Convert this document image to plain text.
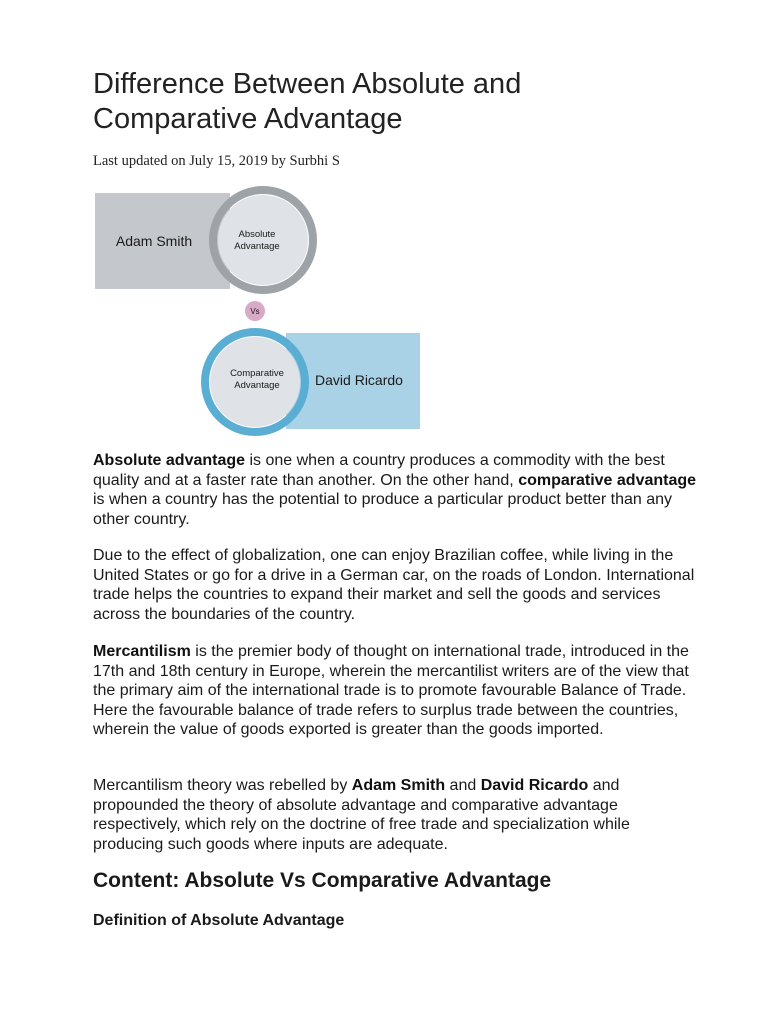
Difference Between Absolute and Comparative Advantage
Last updated on July 15, 2019 by Surbhi S
Adam Smith	Absolute
Advantage
Vs
Comparative
Advantage	David Ricardo

Absolute advantage is one when a country produces a commodity with the best quality and at a faster rate than another. On the other hand, comparative advantage is when a country has the potential to produce a particular product better than any other country.

Due to the effect of globalization, one can enjoy Brazilian coffee, while living in the United States or go for a drive in a German car, on the roads of London. International trade helps the countries to expand their market and sell the goods and services across the boundaries of the country.

Mercantilism is the premier body of thought on international trade, introduced in the 17th and 18th century in Europe, wherein the mercantilist writers are of the view that the primary aim of the international trade is to promote favourable Balance of Trade. Here the favourable balance of trade refers to surplus trade between the countries, wherein the value of goods exported is greater than the goods imported.

Mercantilism theory was rebelled by Adam Smith and David Ricardo and propounded the theory of absolute advantage and comparative advantage respectively, which rely on the doctrine of free trade and specialization while producing such goods where inputs are adequate.

Content: Absolute Vs Comparative Advantage
Definition of Absolute Advantage
